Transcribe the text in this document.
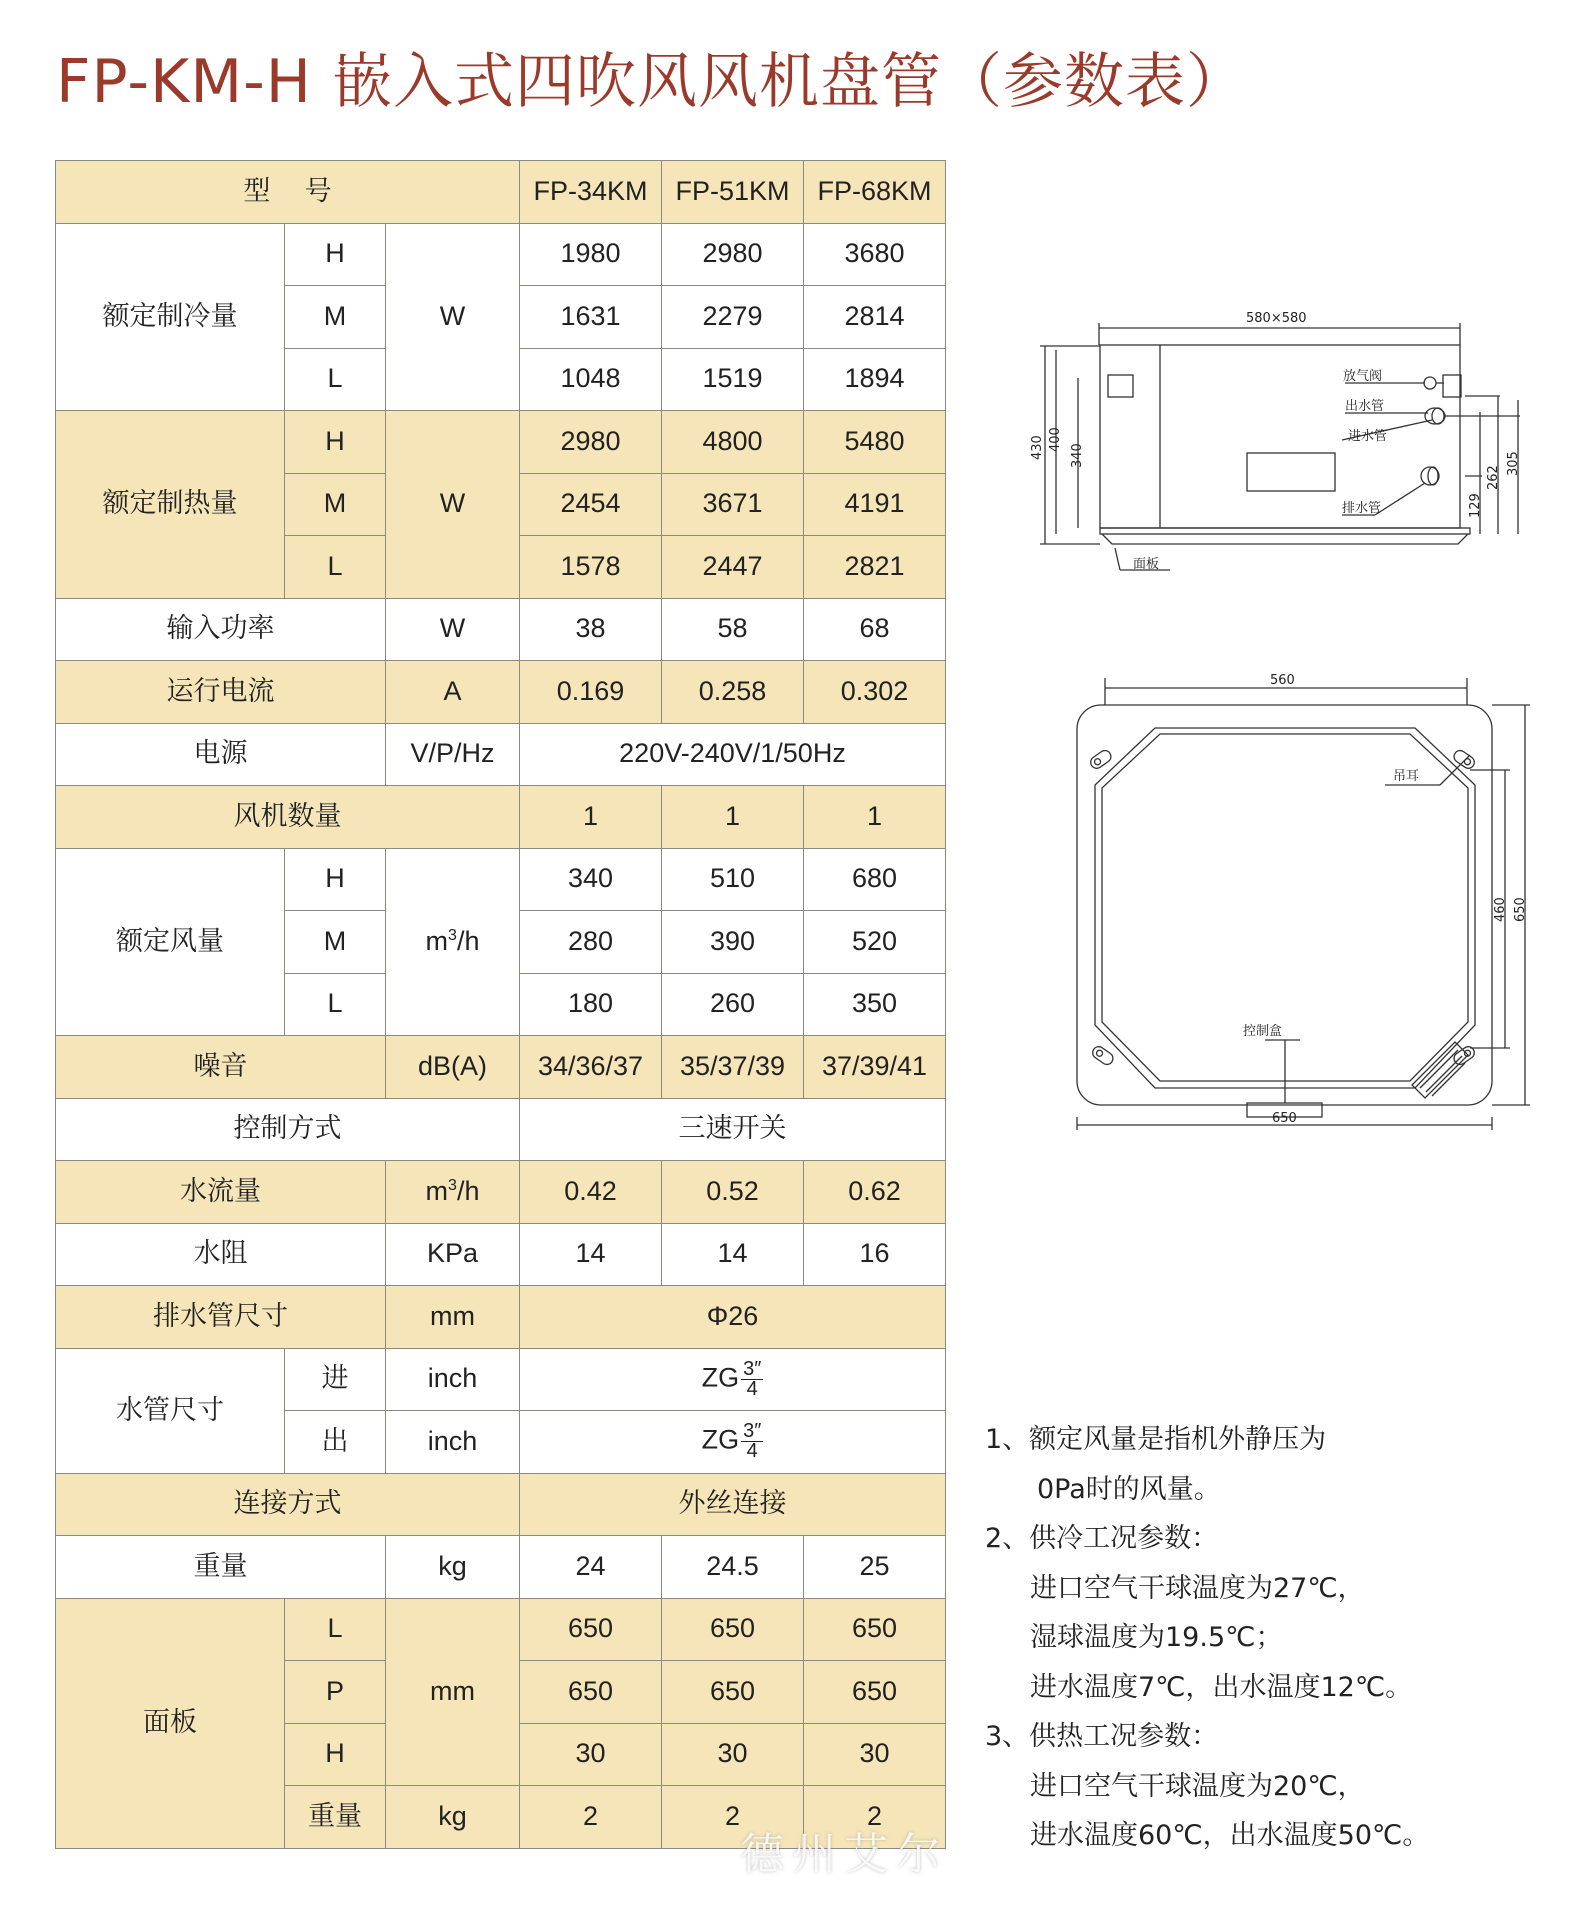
FP-KM-H 嵌入式四吹风风机盘管（参数表）
型    号			FP-34KM	FP-51KM	FP-68KM
额定制冷量	H	W	1980	2980	3680
	M		1631	2279	2814
	L		1048	1519	1894
额定制热量	H	W	2980	4800	5480
	M		2454	3671	4191
	L		1578	2447	2821
输入功率		W	38	58	68
运行电流		A	0.169	0.258	0.302
电源		V/P/Hz	220V-240V/1/50Hz		
风机数量			1	1	1
额定风量	H	$m^3/h$	340	510	680
	M		280	390	520
	L		180	260	350
噪音		dB(A)	34/36/37	35/37/39	37/39/41
控制方式			三速开关		
水流量		$m^3/h$	0.42	0.52	0.62
水阻		KPa	14	14	16
排水管尺寸		mm	Φ26		
水管尺寸	进	inch	ZG $\frac{3''}{4}$

	出	inch	ZG $\frac{3''}{4}$

连接方式			外丝连接		
重量		kg	24	24.5	25
面板	L	mm	650	650	650
	P		650	650	650
	H		30	30	30
	重量	kg	2	2	2
580×580
放气阀
出水管
进水管
排水管
面板
430 400
340
129
262
305
560
650
吊耳
控制盒
460 650
1、额定风量是指机外静压为
0Pa时的风量。
2、供冷工况参数：
进口空气干球温度为27℃，
湿球温度为19.5℃；
进水温度7℃，出水温度12℃。
3、供热工况参数：
进口空气干球温度为20℃，
进水温度60℃，出水温度50℃。
德州艾尔
